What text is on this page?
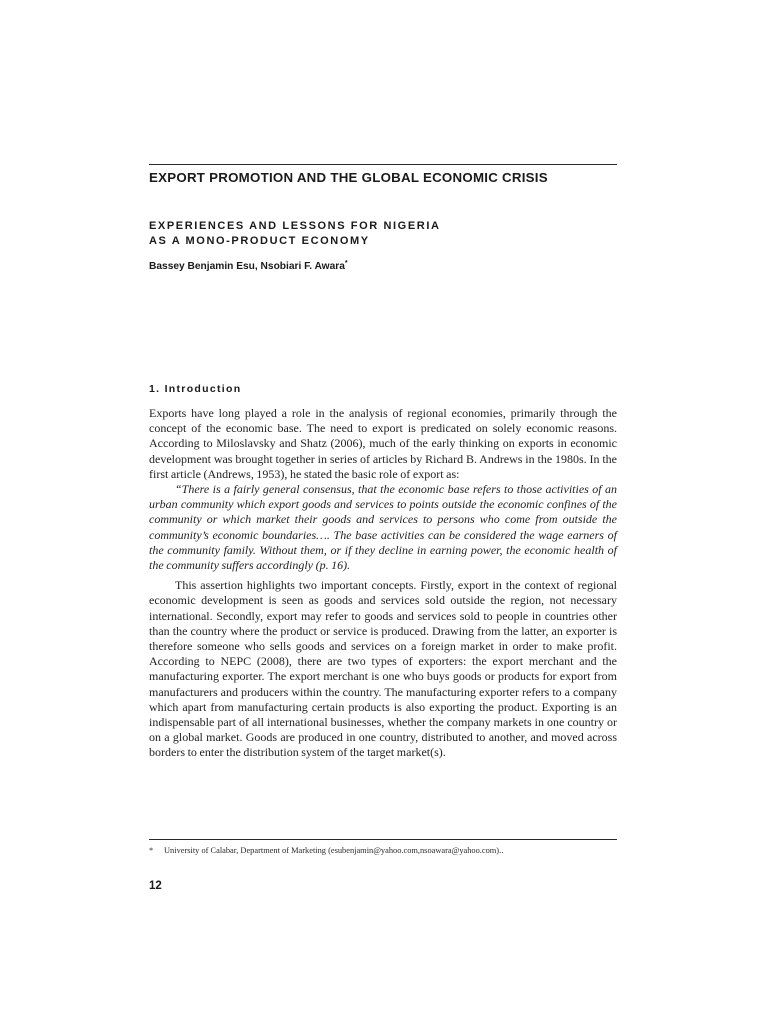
EXPORT PROMOTION AND THE GLOBAL ECONOMIC CRISIS
EXPERIENCES AND LESSONS FOR NIGERIA
AS A MONO-PRODUCT ECONOMY
Bassey Benjamin Esu, Nsobiari F. Awara*
1. Introduction

Exports have long played a role in the analysis of regional economies, primarily through the concept of the economic base. The need to export is predicated on solely economic reasons. According to Miloslavsky and Shatz (2006), much of the early thinking on exports in economic development was brought together in series of articles by Richard B. Andrews in the 1980s. In the first article (Andrews, 1953), he stated the basic role of export as:

“There is a fairly general consensus, that the economic base refers to those activities of an urban community which export goods and services to points outside the economic confines of the community or which market their goods and services to persons who come from outside the community’s economic boundaries…. The base activities can be considered the wage earners of the community family. Without them, or if they decline in earning power, the economic health of the community suffers accordingly (p. 16).

This assertion highlights two important concepts. Firstly, export in the context of regional economic development is seen as goods and services sold outside the region, not necessary international. Secondly, export may refer to goods and services sold to people in countries other than the country where the product or service is produced. Drawing from the latter, an exporter is therefore someone who sells goods and services on a foreign market in order to make profit. According to NEPC (2008), there are two types of exporters: the export merchant and the manufacturing exporter. The export merchant is one who buys goods or products for export from manufacturers and producers within the country. The manufacturing exporter refers to a company which apart from manufacturing certain products is also exporting the product. Exporting is an indispensable part of all international businesses, whether the company markets in one country or on a global market. Goods are produced in one country, distributed to another, and moved across borders to enter the distribution system of the target market(s).

* University of Calabar, Department of Marketing (esubenjamin@yahoo.com,nsoawara@yahoo.com)..
12
